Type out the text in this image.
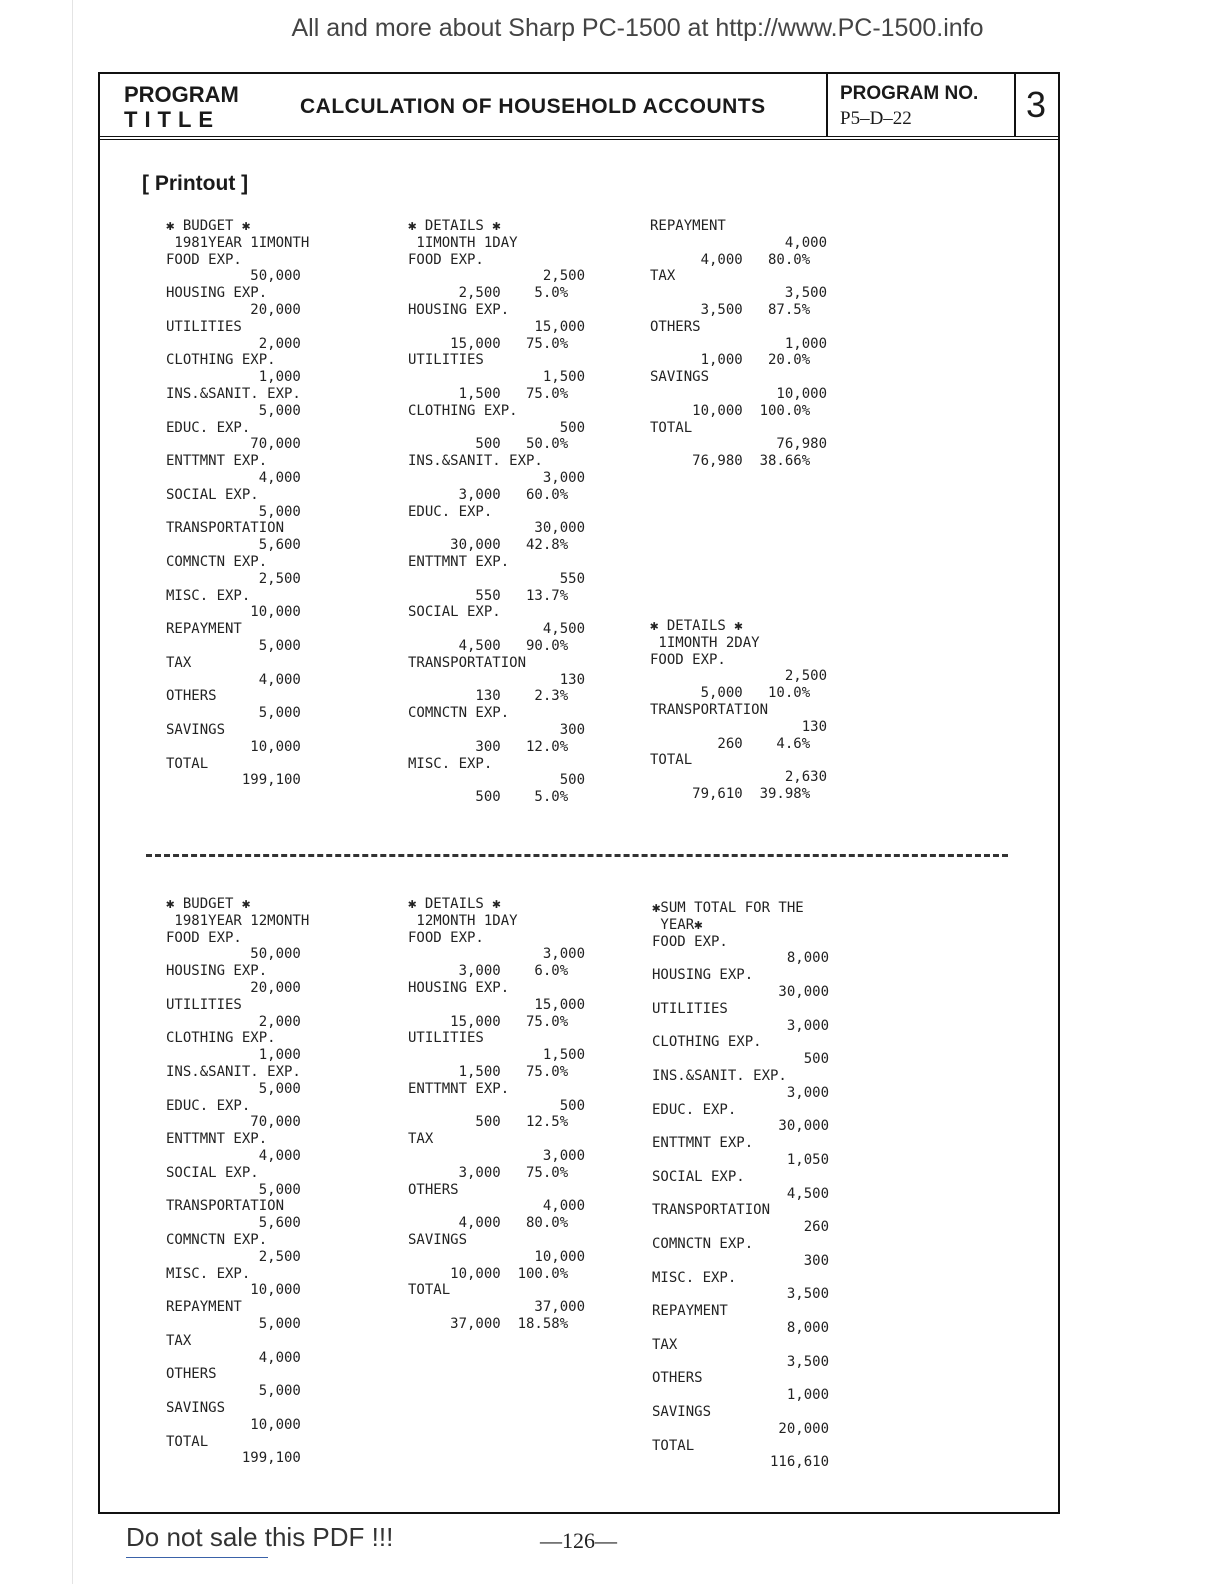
All and more about Sharp PC-1500 at http://www.PC-1500.info
PROGRAM
TITLE
CALCULATION OF HOUSEHOLD ACCOUNTS
PROGRAM NO.
P5–D–22	3
[ Printout ]
✱ BUDGET ✱
1981YEAR 1IMONTH
FOOD EXP.
50,000
HOUSING EXP.
20,000
UTILITIES
2,000
CLOTHING EXP.
1,000
INS.&SANIT. EXP.
5,000
EDUC. EXP.
70,000
ENTTMNT EXP.
4,000
SOCIAL EXP.
5,000
TRANSPORTATION
5,600
COMNCTN EXP.
2,500
MISC. EXP.
10,000
REPAYMENT
5,000
TAX
4,000
OTHERS
5,000
SAVINGS
10,000
TOTAL
199,100
✱ DETAILS ✱
1IMONTH 1DAY
FOOD EXP.
2,500
2,500    5.0%
HOUSING EXP.
15,000
15,000   75.0%
UTILITIES
1,500
1,500   75.0%
CLOTHING EXP.
500
500   50.0%
INS.&SANIT. EXP.
3,000
3,000   60.0%
EDUC. EXP.
30,000
30,000   42.8%
ENTTMNT EXP.
550
550   13.7%
SOCIAL EXP.
4,500
4,500   90.0%
TRANSPORTATION
130
130    2.3%
COMNCTN EXP.
300
300   12.0%
MISC. EXP.
500
500    5.0%
REPAYMENT
4,000
4,000   80.0%
TAX
3,500
3,500   87.5%
OTHERS
1,000
1,000   20.0%
SAVINGS
10,000
10,000  100.0%
TOTAL
76,980
76,980  38.66%
✱ DETAILS ✱
1IMONTH 2DAY
FOOD EXP.
2,500
5,000   10.0%
TRANSPORTATION
130
260    4.6%
TOTAL
2,630
79,610  39.98%
✱ BUDGET ✱
1981YEAR 12MONTH
FOOD EXP.
50,000
HOUSING EXP.
20,000
UTILITIES
2,000
CLOTHING EXP.
1,000
INS.&SANIT. EXP.
5,000
EDUC. EXP.
70,000
ENTTMNT EXP.
4,000
SOCIAL EXP.
5,000
TRANSPORTATION
5,600
COMNCTN EXP.
2,500
MISC. EXP.
10,000
REPAYMENT
5,000
TAX
4,000
OTHERS
5,000
SAVINGS
10,000
TOTAL
199,100
✱ DETAILS ✱
12MONTH 1DAY
FOOD EXP.
3,000
3,000    6.0%
HOUSING EXP.
15,000
15,000   75.0%
UTILITIES
1,500
1,500   75.0%
ENTTMNT EXP.
500
500   12.5%
TAX
3,000
3,000   75.0%
OTHERS
4,000
4,000   80.0%
SAVINGS
10,000
10,000  100.0%
TOTAL
37,000
37,000  18.58%
✱SUM TOTAL FOR THE
YEAR✱
FOOD EXP.
8,000
HOUSING EXP.
30,000
UTILITIES
3,000
CLOTHING EXP.
500
INS.&SANIT. EXP.
3,000
EDUC. EXP.
30,000
ENTTMNT EXP.
1,050
SOCIAL EXP.
4,500
TRANSPORTATION
260
COMNCTN EXP.
300
MISC. EXP.
3,500
REPAYMENT
8,000
TAX
3,500
OTHERS
1,000
SAVINGS
20,000
TOTAL
116,610
Do not sale this PDF !!!	—126—
